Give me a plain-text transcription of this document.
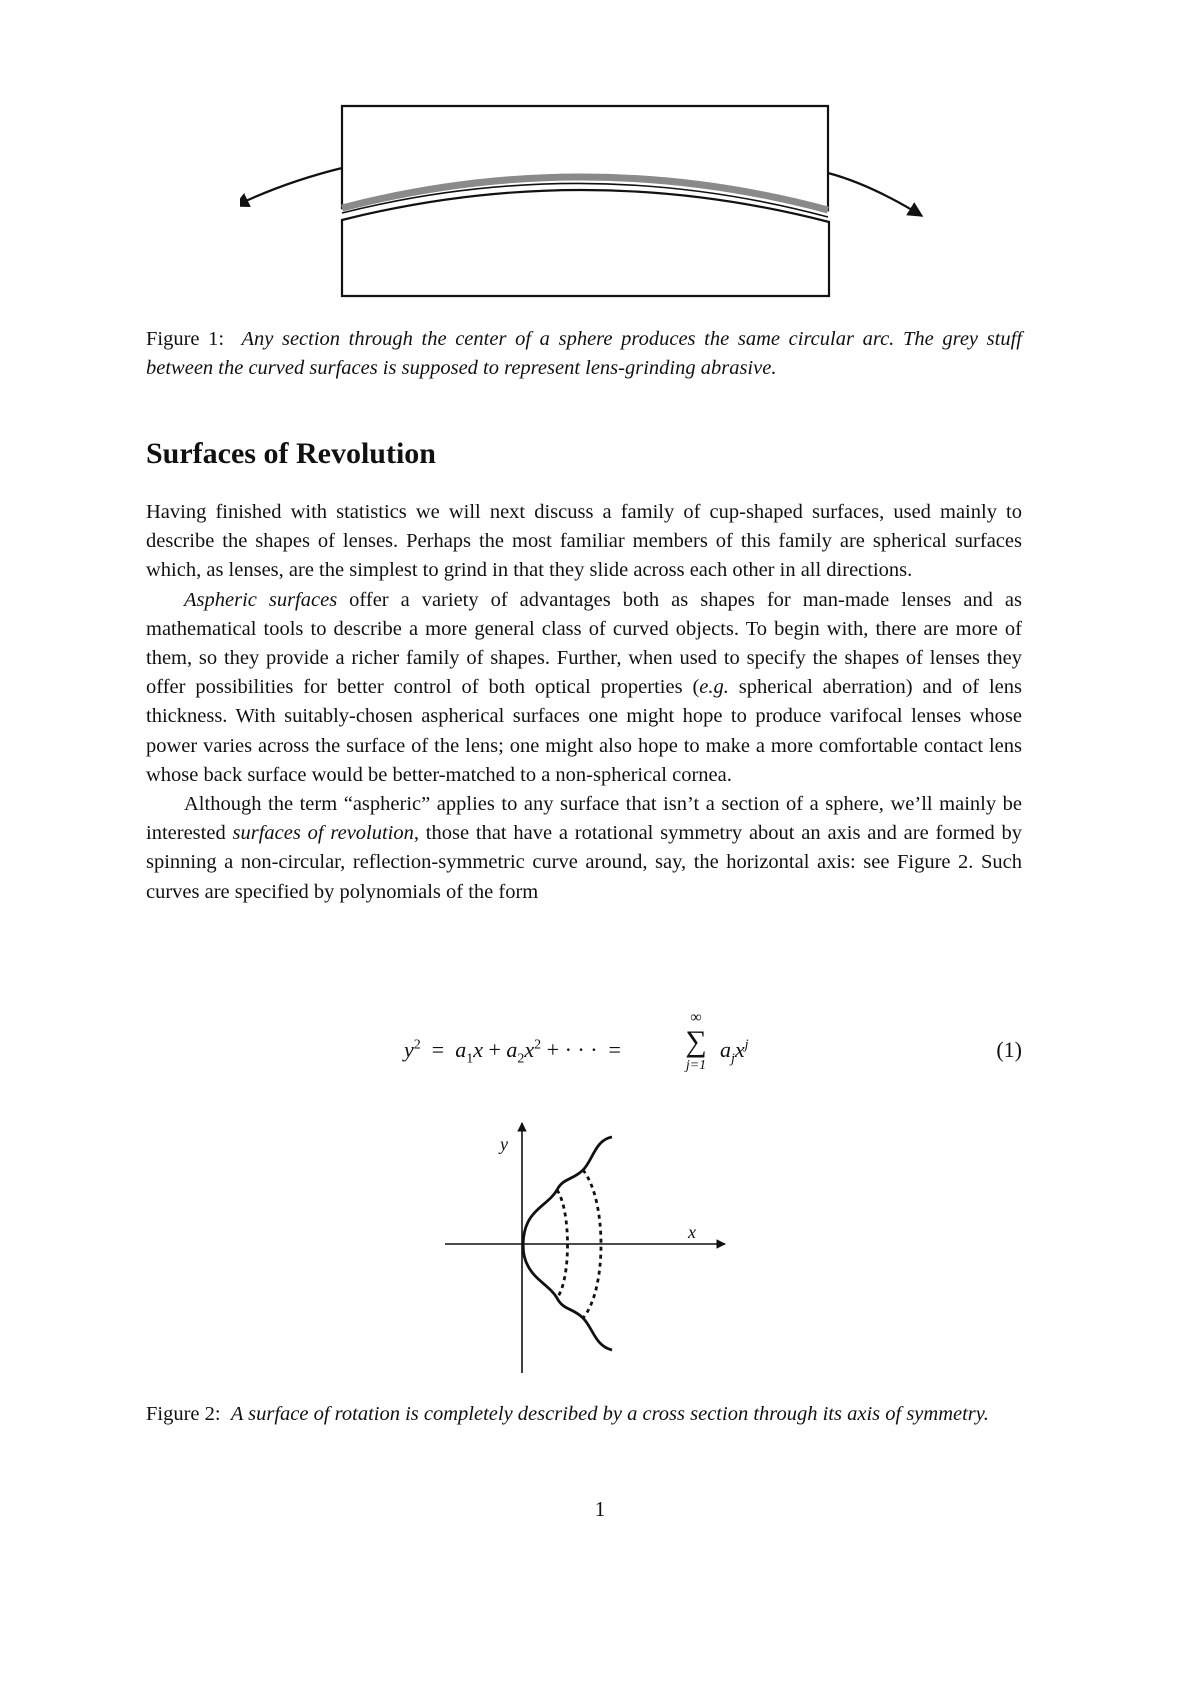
Figure 1: Any section through the center of a sphere produces the same circular arc. The grey stuff between the curved surfaces is supposed to represent lens-grinding abrasive.
Surfaces of Revolution

Having finished with statistics we will next discuss a family of cup-shaped surfaces, used mainly to describe the shapes of lenses. Perhaps the most familiar members of this family are spherical surfaces which, as lenses, are the simplest to grind in that they slide across each other in all directions.

Aspheric surfaces offer a variety of advantages both as shapes for man-made lenses and as mathematical tools to describe a more general class of curved objects. To begin with, there are more of them, so they provide a richer family of shapes. Further, when used to specify the shapes of lenses they offer possibilities for better control of both optical properties (e.g. spherical aberration) and of lens thickness. With suitably-chosen aspherical surfaces one might hope to produce varifocal lenses whose power varies across the surface of the lens; one might also hope to make a more comfortable contact lens whose back surface would be better-matched to a non-spherical cornea.

Although the term “aspheric” applies to any surface that isn’t a section of a sphere, we’ll mainly be interested surfaces of revolution, those that have a rotational symmetry about an axis and are formed by spinning a non-circular, reflection-symmetric curve around, say, the horizontal axis: see Figure 2. Such curves are specified by polynomials of the form

$y^2 = a_1x + a_2x^2$ + · · · =
∞
∑
j=1
$a_jx^j$	(1)
y
x
Figure 2: A surface of rotation is completely described by a cross section through its axis of symmetry.
1
